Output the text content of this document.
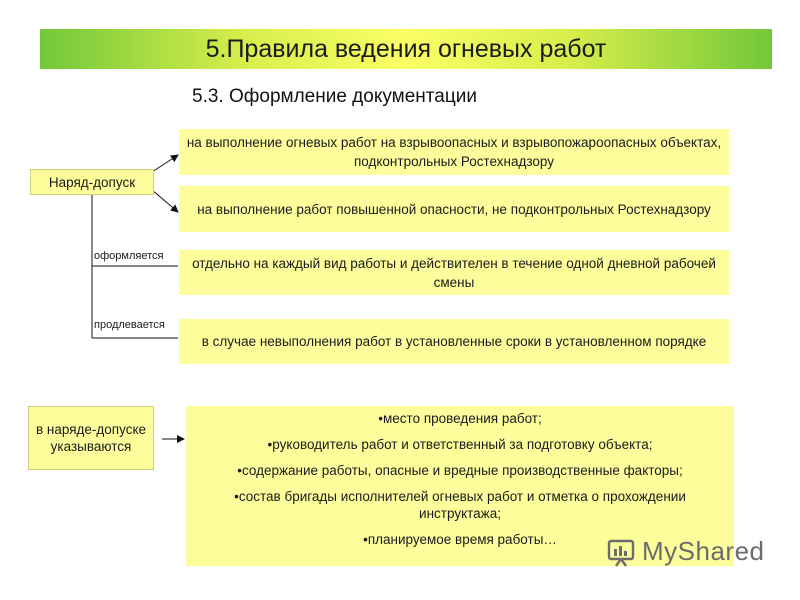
5.Правила ведения огневых работ
5.3. Оформление документации
Наряд-допуск
на выполнение огневых работ на взрывоопасных и взрывопожароопасных объектах, подконтрольных Ростехнадзору
на выполнение работ повышенной опасности, не подконтрольных Ростехнадзору
оформляется	отдельно на каждый вид работы и действителен в течение одной дневной рабочей смены
продлевается
в случае невыполнения работ в установленные сроки в установленном порядке
в наряде-допуске указываются
•место проведения работ;
•руководитель работ и ответственный за подготовку объекта;
•содержание работы, опасные и вредные производственные факторы;
•состав бригады исполнителей огневых работ и отметка о прохождении инструктажа;
•планируемое время работы…	MyShared
